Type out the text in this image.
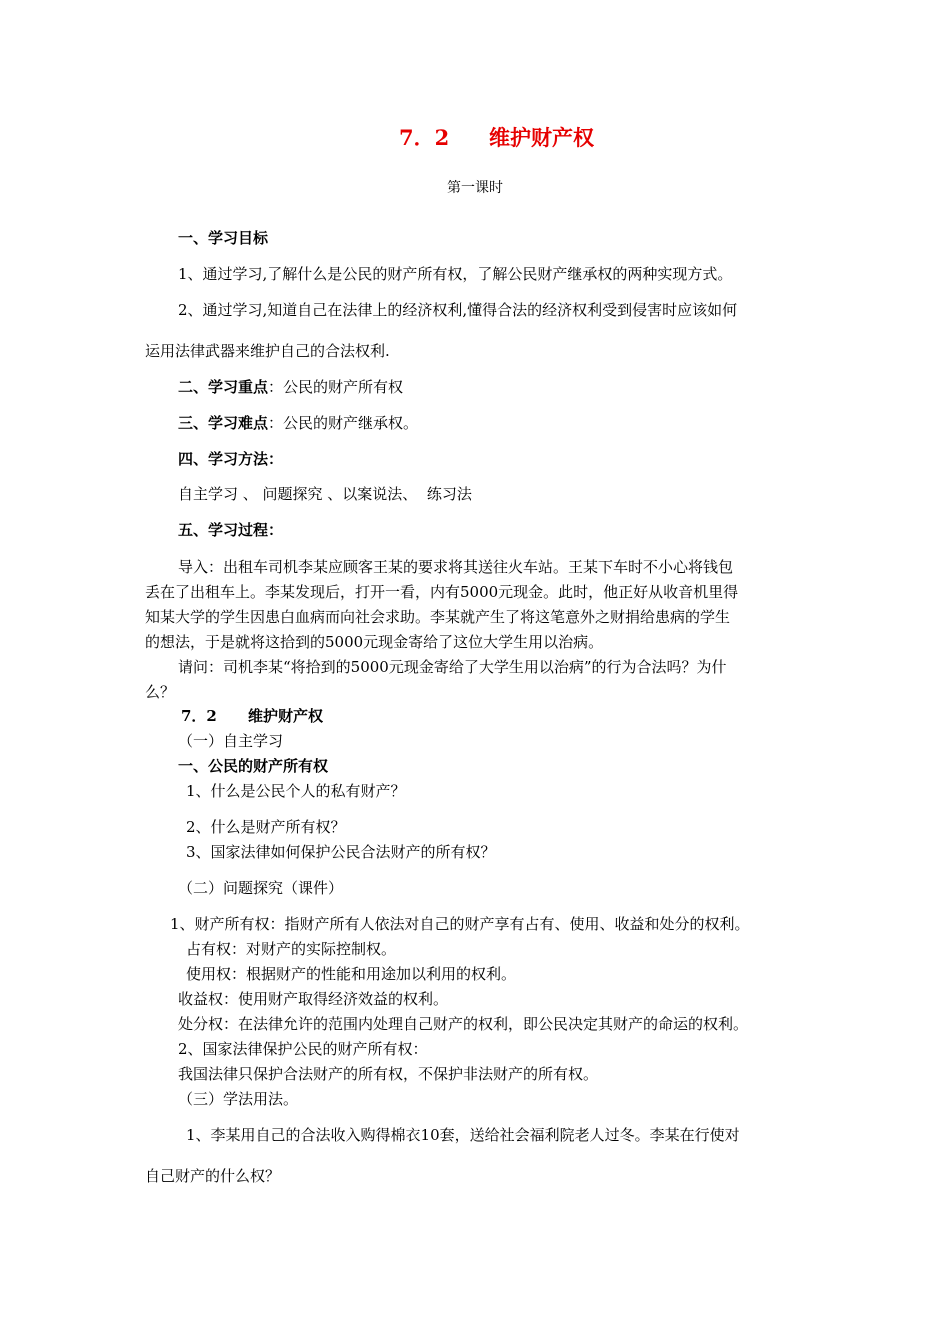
7．2 维护财产权
第一课时
一、学习目标
1、通过学习,了解什么是公民的财产所有权，了解公民财产继承权的两种实现方式。
2、通过学习,知道自己在法律上的经济权利,懂得合法的经济权利受到侵害时应该如何
运用法律武器来维护自己的合法权利.
二、学习重点：公民的财产所有权
三、学习难点：公民的财产继承权。
四、学习方法：
自主学习 、 问题探究 、以案说法、  练习法
五、学习过程：
导入：出租车司机李某应顾客王某的要求将其送往火车站。王某下车时不小心将钱包
丢在了出租车上。李某发现后，打开一看，内有5000元现金。此时，他正好从收音机里得
知某大学的学生因患白血病而向社会求助。李某就产生了将这笔意外之财捐给患病的学生
的想法，于是就将这拾到的5000元现金寄给了这位大学生用以治病。
请问：司机李某“将拾到的5000元现金寄给了大学生用以治病”的行为合法吗？为什
么？
7．2 维护财产权
（一）自主学习
一、公民的财产所有权
1、什么是公民个人的私有财产？
2、什么是财产所有权？
3、国家法律如何保护公民合法财产的所有权？
（二）问题探究（课件）
1、财产所有权：指财产所有人依法对自己的财产享有占有、使用、收益和处分的权利。
占有权：对财产的实际控制权。
使用权：根据财产的性能和用途加以利用的权利。
收益权：使用财产取得经济效益的权利。
处分权：在法律允许的范围内处理自己财产的权利，即公民决定其财产的命运的权利。
2、国家法律保护公民的财产所有权：
我国法律只保护合法财产的所有权，不保护非法财产的所有权。
（三）学法用法。
1、李某用自己的合法收入购得棉衣10套，送给社会福利院老人过冬。李某在行使对
自己财产的什么权？
